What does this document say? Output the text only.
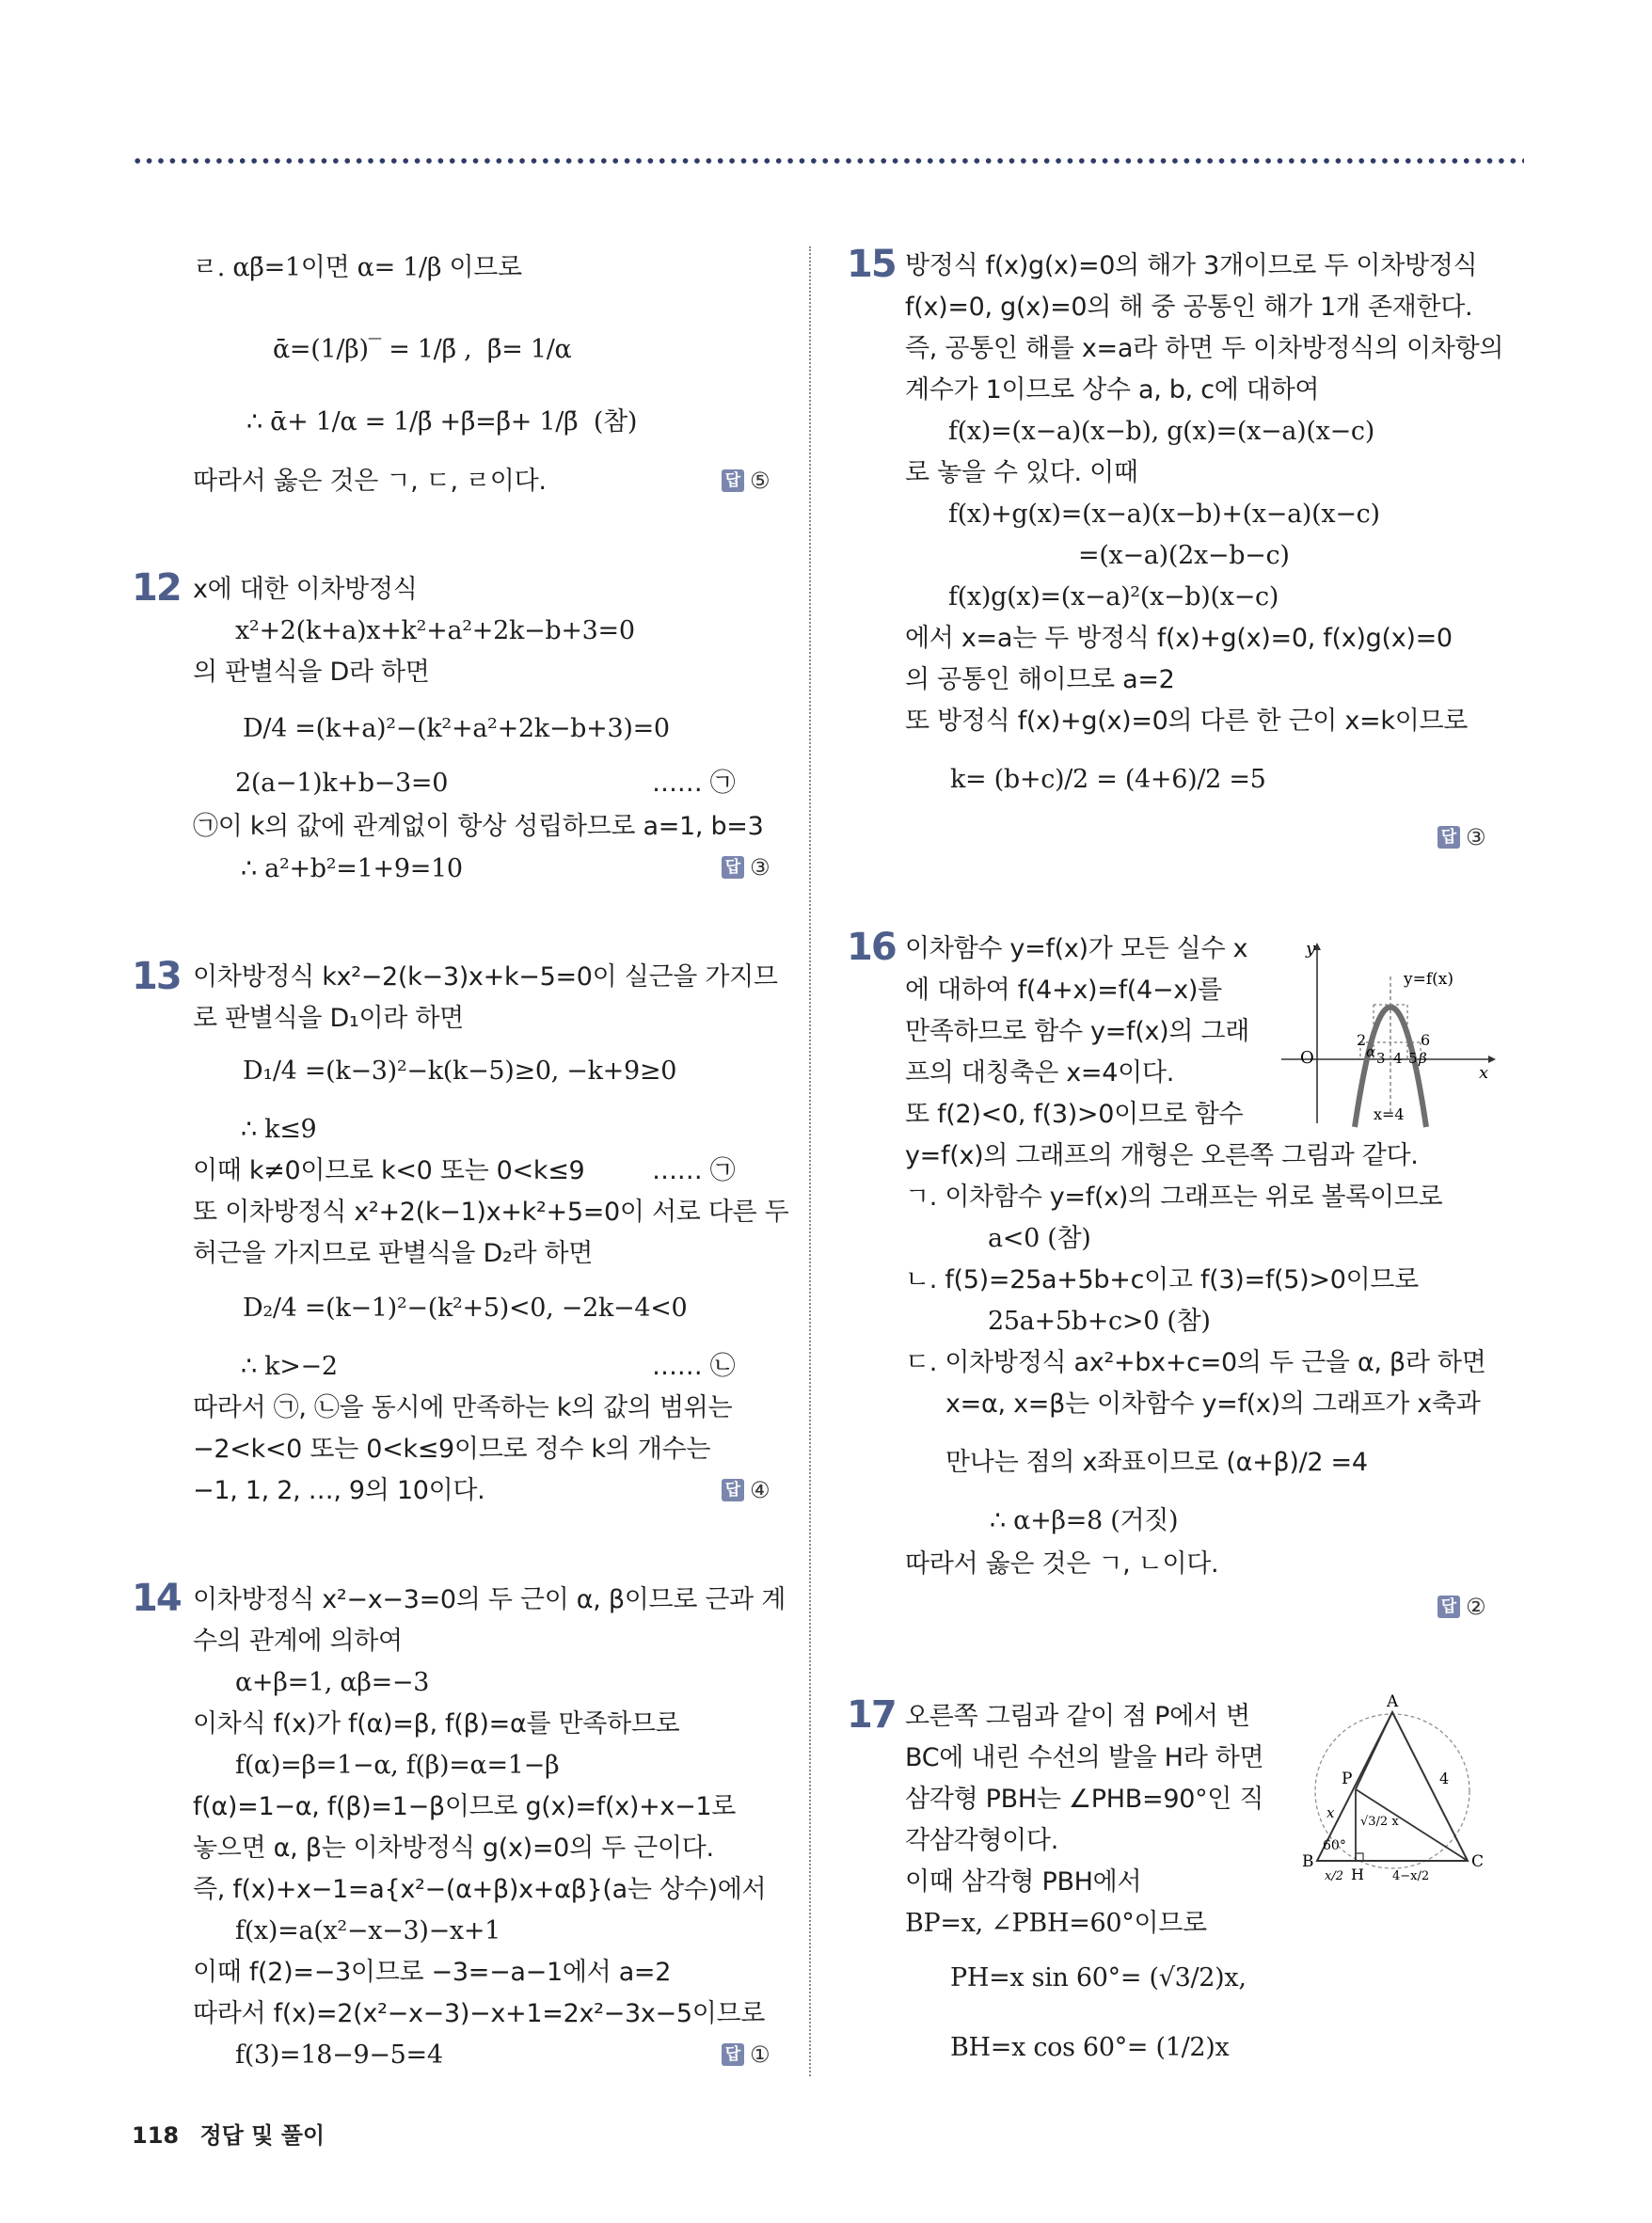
ㄹ. αβ̄=1이면 α= 1/β 이므로
ᾱ=(1/β)‾ = 1/β̄ ,  β̄= 1/α
∴ ᾱ+ 1/α = 1/β̄ +β̄=β̄+ 1/β̄  (참)
따라서 옳은 것은 ㄱ, ㄷ, ㄹ이다.	답 ⑤
12 x에 대한 이차방정식
x²+2(k+a)x+k²+a²+2k−b+3=0
의 판별식을 D라 하면
D/4 =(k+a)²−(k²+a²+2k−b+3)=0
2(a−1)k+b−3=0	…… ㉠
㉠이 k의 값에 관계없이 항상 성립하므로 a=1, b=3
∴ a²+b²=1+9=10	답 ③
13 이차방정식 kx²−2(k−3)x+k−5=0이 실근을 가지므
로 판별식을 D₁이라 하면
D₁/4 =(k−3)²−k(k−5)≥0, −k+9≥0
∴ k≤9
이때 k≠0이므로 k<0 또는 0<k≤9	…… ㉠
또 이차방정식 x²+2(k−1)x+k²+5=0이 서로 다른 두
허근을 가지므로 판별식을 D₂라 하면
D₂/4 =(k−1)²−(k²+5)<0, −2k−4<0
∴ k>−2	…… ㉡
따라서 ㉠, ㉡을 동시에 만족하는 k의 값의 범위는
−2<k<0 또는 0<k≤9이므로 정수 k의 개수는
−1, 1, 2, …, 9의 10이다.	답 ④
14 이차방정식 x²−x−3=0의 두 근이 α, β이므로 근과 계
수의 관계에 의하여
α+β=1, αβ=−3
이차식 f(x)가 f(α)=β, f(β)=α를 만족하므로
f(α)=β=1−α, f(β)=α=1−β
f(α)=1−α, f(β)=1−β이므로 g(x)=f(x)+x−1로
놓으면 α, β는 이차방정식 g(x)=0의 두 근이다.
즉, f(x)+x−1=a{x²−(α+β)x+αβ}(a는 상수)에서
f(x)=a(x²−x−3)−x+1
이때 f(2)=−3이므로 −3=−a−1에서 a=2
따라서 f(x)=2(x²−x−3)−x+1=2x²−3x−5이므로
f(3)=18−9−5=4	답 ①
15 방정식 f(x)g(x)=0의 해가 3개이므로 두 이차방정식
f(x)=0, g(x)=0의 해 중 공통인 해가 1개 존재한다.
즉, 공통인 해를 x=a라 하면 두 이차방정식의 이차항의
계수가 1이므로 상수 a, b, c에 대하여
f(x)=(x−a)(x−b), g(x)=(x−a)(x−c)
로 놓을 수 있다. 이때
f(x)+g(x)=(x−a)(x−b)+(x−a)(x−c)
=(x−a)(2x−b−c)
f(x)g(x)=(x−a)²(x−b)(x−c)
에서 x=a는 두 방정식 f(x)+g(x)=0, f(x)g(x)=0
의 공통인 해이므로 a=2
또 방정식 f(x)+g(x)=0의 다른 한 근이 x=k이므로
k= (b+c)/2 = (4+6)/2 =5
답 ③
16 이차함수 y=f(x)가 모든 실수 x
에 대하여 f(4+x)=f(4−x)를
만족하므로 함수 y=f(x)의 그래
프의 대칭축은 x=4이다.
또 f(2)<0, f(3)>0이므로 함수
y=f(x)의 그래프의 개형은 오른쪽 그림과 같다.
ㄱ. 이차함수 y=f(x)의 그래프는 위로 볼록이므로
a<0 (참)
ㄴ. f(5)=25a+5b+c이고 f(3)=f(5)>0이므로
25a+5b+c>0 (참)
ㄷ. 이차방정식 ax²+bx+c=0의 두 근을 α, β라 하면
x=α, x=β는 이차함수 y=f(x)의 그래프가 x축과
만나는 점의 x좌표이므로 (α+β)/2 =4
∴ α+β=8 (거짓)
따라서 옳은 것은 ㄱ, ㄴ이다.
답 ②
y
x
O
y=f(x)
2
α 3 4 5 β
6
x=4
17 오른쪽 그림과 같이 점 P에서 변
BC에 내린 수선의 발을 H라 하면
삼각형 PBH는 ∠PHB=90°인 직
각삼각형이다.
이때 삼각형 PBH에서
BP=x, ∠PBH=60°이므로
PH=x sin 60°= (√3/2)x,
BH=x cos 60°= (1/2)x
A
B	C
P
H
4
60°
x
√3/2 x
x/2	4−x/2
118 정답 및 풀이
